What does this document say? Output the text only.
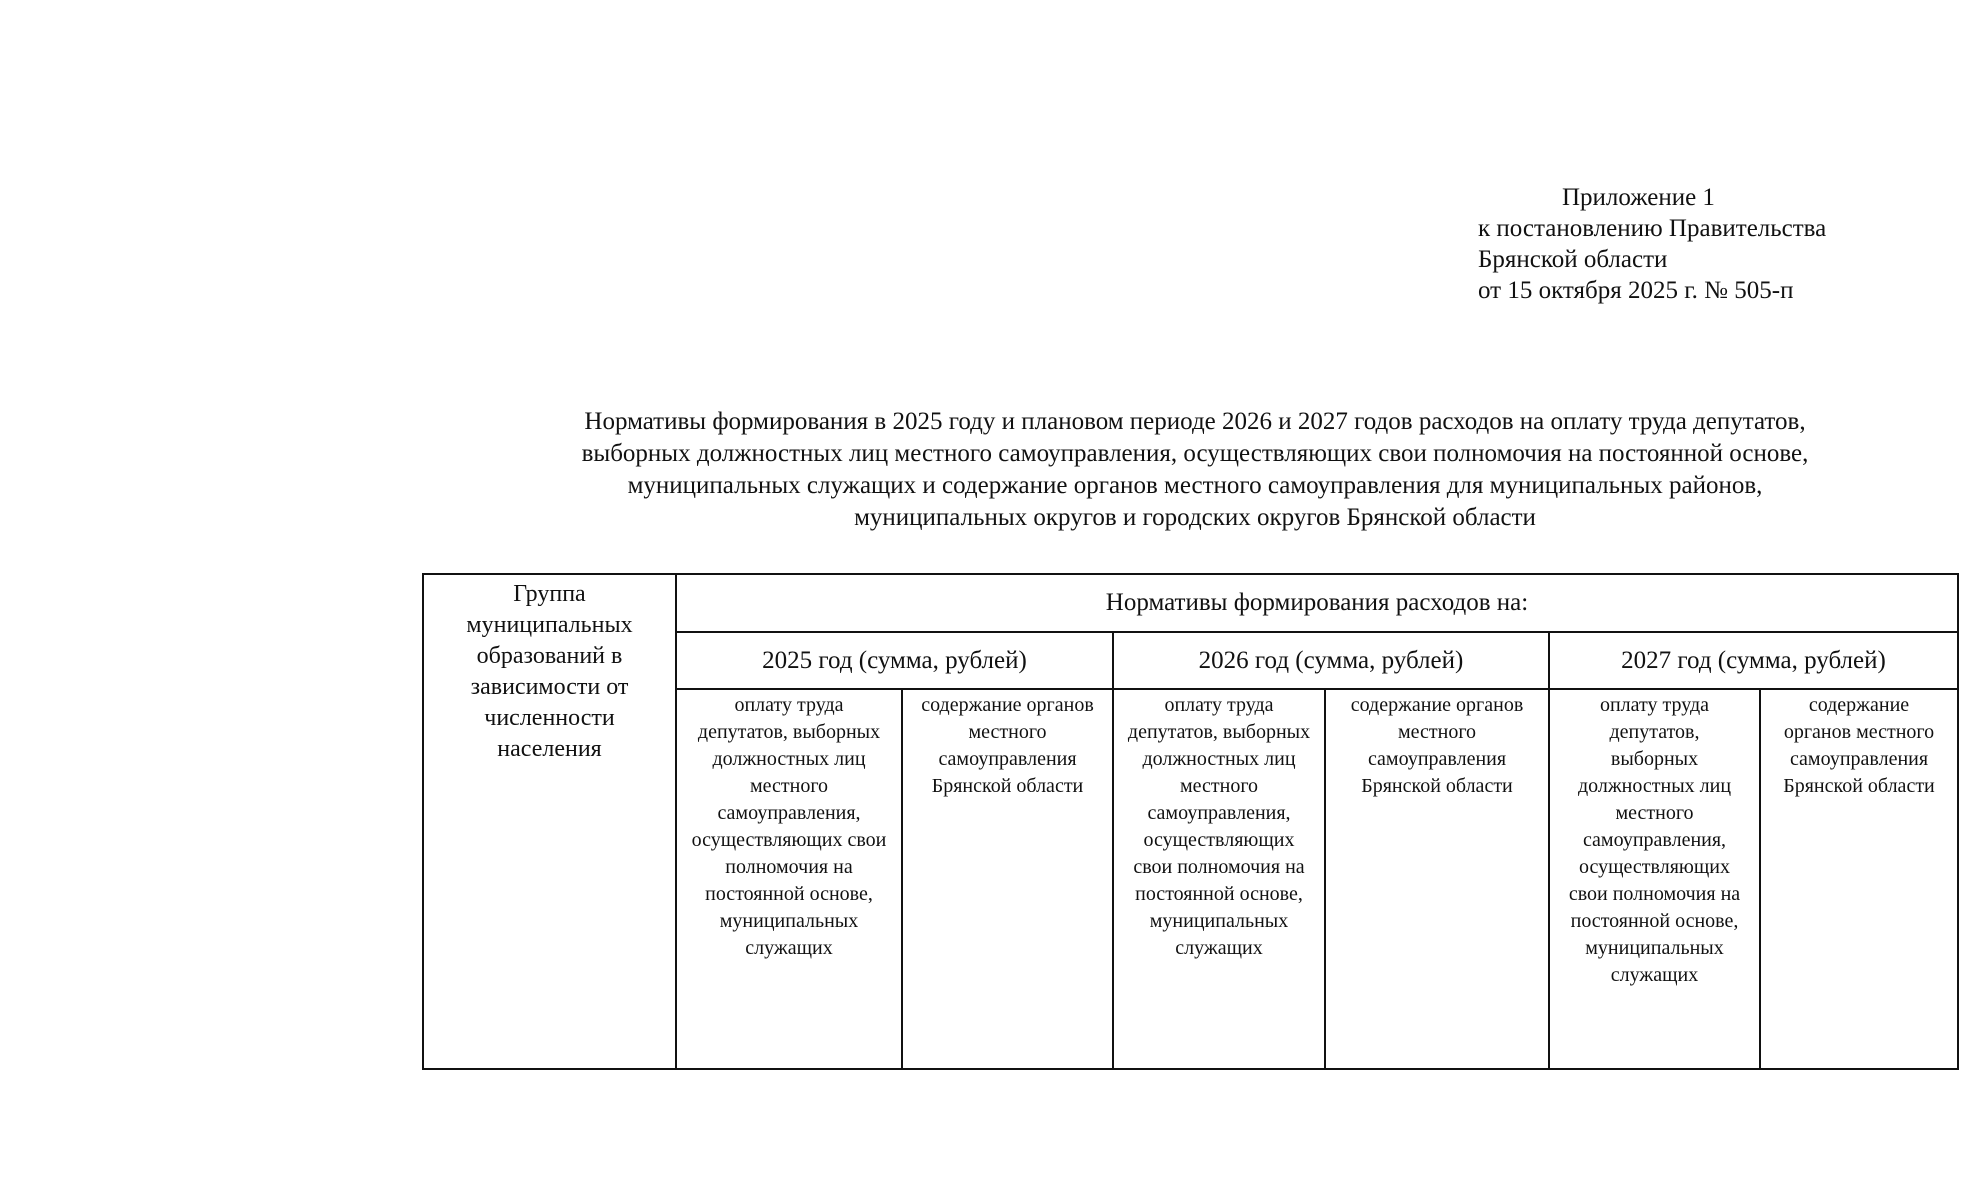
Приложение 1
к постановлению Правительства
Брянской области
от 15 октября 2025 г. № 505-п
Нормативы формирования в 2025 году и плановом периоде 2026 и 2027 годов расходов на оплату труда депутатов,
выборных должностных лиц местного самоуправления, осуществляющих свои полномочия на постоянной основе,
муниципальных служащих и содержание органов местного самоуправления для муниципальных районов,
муниципальных округов и городских округов Брянской области
Группа муниципальных образований в зависимости от численности населения	Нормативы формирования расходов на:					
	2025 год (сумма, рублей)		2026 год (сумма, рублей)		2027 год (сумма, рублей)	

	оплату труда депутатов, выборных должностных лиц местного самоуправления, осуществляющих свои полномочия на постоянной основе, муниципальных служащих	содержание органов местного самоуправления Брянской области	оплату труда депутатов, выборных должностных лиц местного самоуправления, осуществляющих свои полномочия на постоянной основе, муниципальных служащих	содержание органов местного самоуправления Брянской области	оплату труда депутатов, выборных должностных лиц местного самоуправления, осуществляющих свои полномочия на постоянной основе, муниципальных служащих	содержание органов местного самоуправления Брянской области
